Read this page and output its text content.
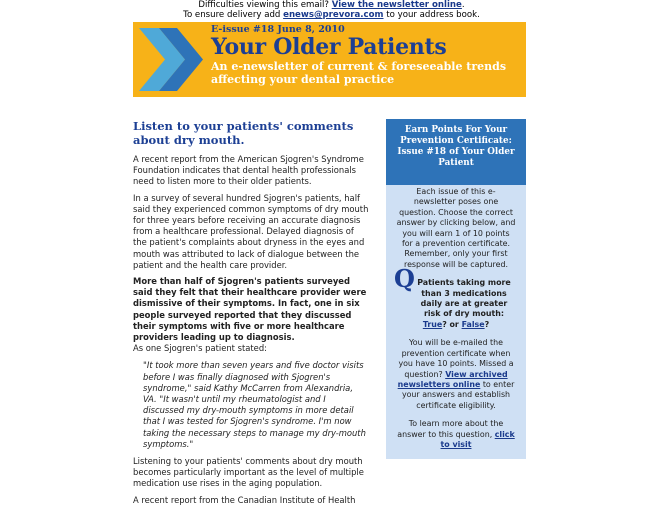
Difficulties viewing this email? View the newsletter online.
To ensure delivery add enews@prevora.com to your address book.
E-issue #18 June 8, 2010
Your Older Patients
An e-newsletter of current & foreseeable trends affecting your dental practice
Listen to your patients' comments about dry mouth.

A recent report from the American Sjogren's Syndrome Foundation indicates that dental health professionals need to listen more to their older patients.

In a survey of several hundred Sjogren's patients, half said they experienced common symptoms of dry mouth for three years before receiving an accurate diagnosis from a healthcare professional. Delayed diagnosis of the patient's complaints about dryness in the eyes and mouth was attributed to lack of dialogue between the patient and the health care provider.

More than half of Sjogren's patients surveyed said they felt that their healthcare provider were dismissive of their symptoms. In fact, one in six people surveyed reported that they discussed their symptoms with five or more healthcare providers leading up to diagnosis.

As one Sjogren's patient stated:

"It took more than seven years and five doctor visits before I was finally diagnosed with Sjogren's syndrome," said Kathy McCarren from Alexandria, VA. "It wasn't until my rheumatologist and I discussed my dry-mouth symptoms in more detail that I was tested for Sjogren's syndrome. I'm now taking the necessary steps to manage my dry-mouth symptoms."

Listening to your patients' comments about dry mouth becomes particularly important as the level of multiple medication use rises in the aging population.

A recent report from the Canadian Institute of Health

Earn Points For Your Prevention Certificate: Issue #18 of Your Older Patient

Each issue of this e-newsletter poses one question. Choose the correct answer by clicking below, and you will earn 1 of 10 points for a prevention certificate. Remember, only your first response will be captured.

Q Patients taking more than 3 medications daily are at greater risk of dry mouth:

True? or False?

You will be e-mailed the prevention certificate when you have 10 points. Missed a question? View archived newsletters online to enter your answers and establish certificate eligibility.

To learn more about the answer to this question, click to visit
